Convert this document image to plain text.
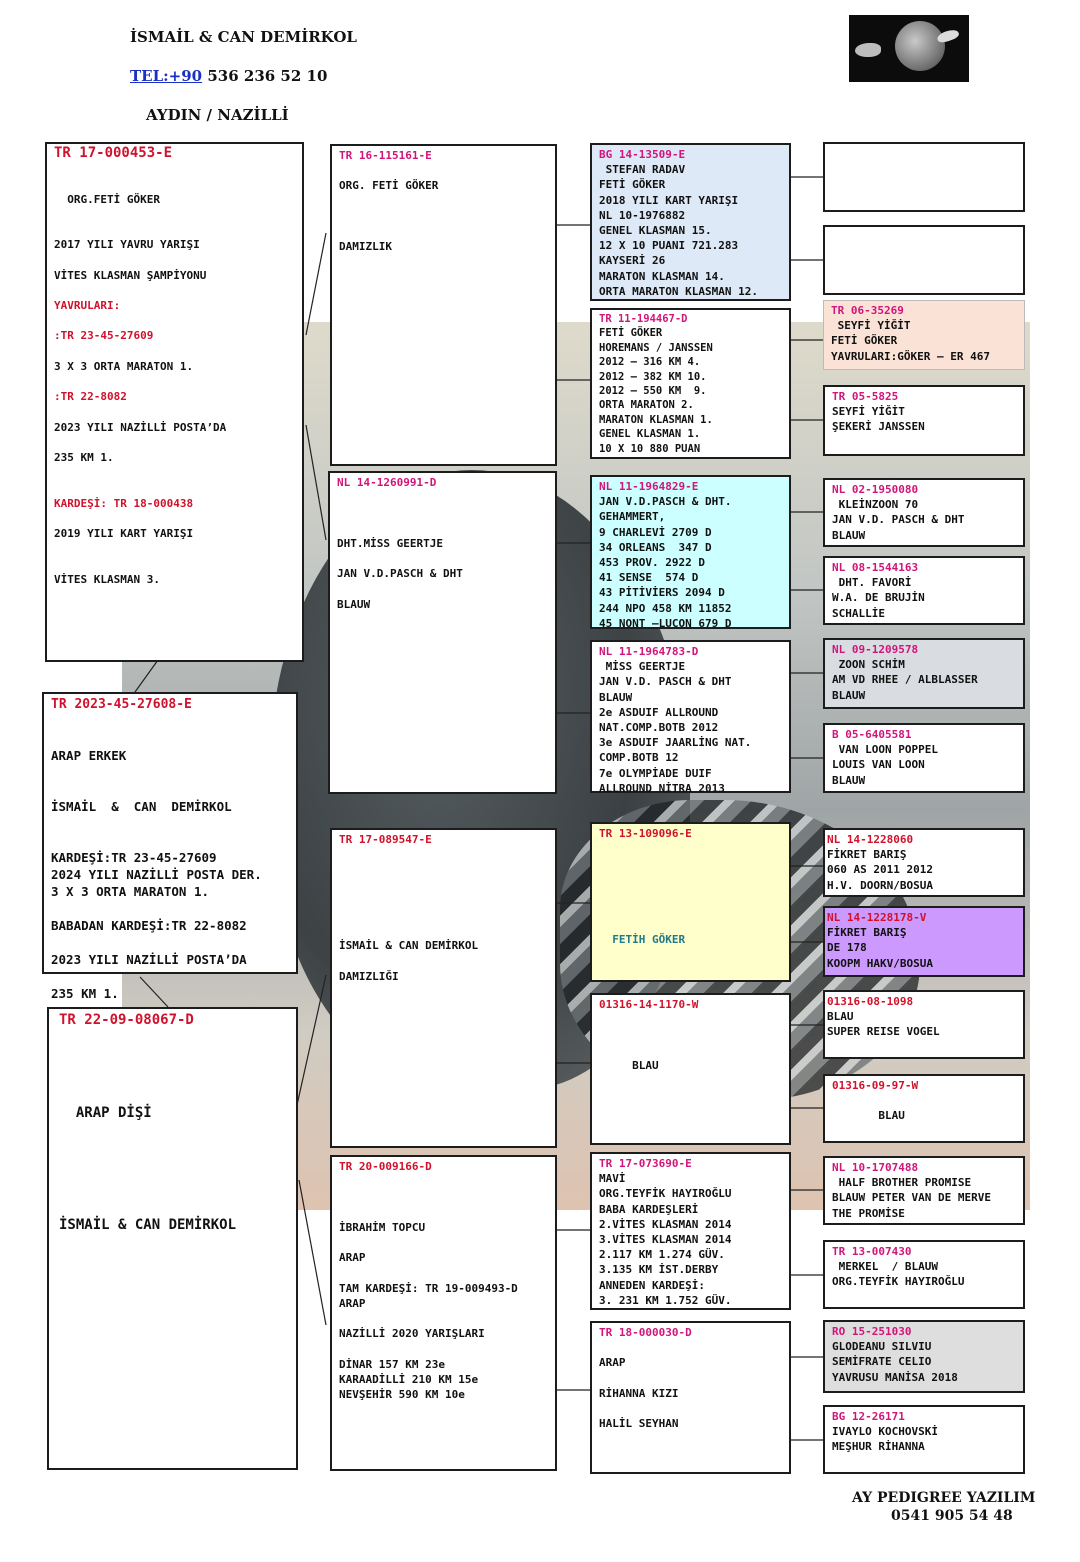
İSMAİL & CAN DEMİRKOL
TEL:+90 536 236 52 10
AYDIN / NAZİLLİ
TR 17-000453-E

ORG.FETİ GÖKER

2017 YILI YAVRU YARIŞI

VİTES KLASMAN ŞAMPİYONU

YAVRULARI:

:TR 23-45-27609

3 X 3 ORTA MARATON 1.

:TR 22-8082

2023 YILI NAZİLLİ POSTA’DA

235 KM 1.

KARDEŞİ: TR 18-000438

2019 YILI KART YARIŞI

VİTES KLASMAN 3.
TR 2023-45-27608-E

ARAP ERKEK

İSMAİL  &  CAN  DEMİRKOL

KARDEŞİ:TR 23-45-27609
2024 YILI NAZİLLİ POSTA DER.
3 X 3 ORTA MARATON 1.

BABADAN KARDEŞİ:TR 22-8082

2023 YILI NAZİLLİ POSTA’DA

235 KM 1.
TR 22-09-08067-D

ARAP DİŞİ

İSMAİL & CAN DEMİRKOL
TR 16-115161-E

ORG. FETİ GÖKER

DAMIZLIK
NL 14-1260991-D

DHT.MİSS GEERTJE

JAN V.D.PASCH & DHT

BLAUW
TR 17-089547-E

İSMAİL & CAN DEMİRKOL

DAMIZLIĞI
TR 20-009166-D

İBRAHİM TOPCU

ARAP

TAM KARDEŞİ: TR 19-009493-D
ARAP

NAZİLLİ 2020 YARIŞLARI

DİNAR 157 KM 23e
KARAADİLLİ 210 KM 15e
NEVŞEHİR 590 KM 10e
BG 14-13509-E
STEFAN RADAV
FETİ GÖKER
2018 YILI KART YARIŞI
NL 10-1976882
GENEL KLASMAN 15.
12 X 10 PUANI 721.283
KAYSERİ 26
MARATON KLASMAN 14.
ORTA MARATON KLASMAN 12.
TR 11-194467-D
FETİ GÖKER
HOREMANS / JANSSEN
2012 – 316 KM 4.
2012 – 382 KM 10.
2012 – 550 KM  9.
ORTA MARATON 2.
MARATON KLASMAN 1.
GENEL KLASMAN 1.
10 X 10 880 PUAN
NL 11-1964829-E
JAN V.D.PASCH & DHT.
GEHAMMERT,
9 CHARLEVİ 2709 D
34 ORLEANS  347 D
453 PROV. 2922 D
41 SENSE  574 D
43 PİTİVİERS 2094 D
244 NPO 458 KM 11852
45 NONT –LUCON 679 D
NL 11-1964783-D
MİSS GEERTJE
JAN V.D. PASCH & DHT
BLAUW
2e ASDUIF ALLROUND
NAT.COMP.BOTB 2012
3e ASDUIF JAARLİNG NAT.
COMP.BOTB 12
7e OLYMPİADE DUIF
ALLROUND NİTRA 2013
TR 13-109096-E

FETİH GÖKER
01316-14-1170-W

BLAU
TR 17-073690-E
MAVİ
ORG.TEYFİK HAYIROĞLU
BABA KARDEŞLERİ
2.VİTES KLASMAN 2014
3.VİTES KLASMAN 2014
2.117 KM 1.274 GÜV.
3.135 KM İST.DERBY
ANNEDEN KARDEŞİ:
3. 231 KM 1.752 GÜV.
TR 18-000030-D

ARAP

RİHANNA KIZI

HALİL SEYHAN
TR 06-35269
SEYFİ YİĞİT
FETİ GÖKER
YAVRULARI:GÖKER – ER 467
TR 05-5825
SEYFİ YİĞİT
ŞEKERİ JANSSEN
NL 02-1950080
KLEİNZOON 70
JAN V.D. PASCH & DHT
BLAUW
NL 08-1544163
DHT. FAVORİ
W.A. DE BRUJİN
SCHALLİE
NL 09-1209578
ZOON SCHİM
AM VD RHEE / ALBLASSER
BLAUW
B 05-6405581
VAN LOON POPPEL
LOUIS VAN LOON
BLAUW
NL 14-1228060
FİKRET BARIŞ
060 AS 2011 2012
H.V. DOORN/BOSUA
NL 14-1228178-V
FİKRET BARIŞ
DE 178
KOOPM HAKV/BOSUA
01316-08-1098
BLAU
SUPER REISE VOGEL
01316-09-97-W

BLAU
NL 10-1707488
HALF BROTHER PROMISE
BLAUW PETER VAN DE MERVE
THE PROMİSE
TR 13-007430
MERKEL  / BLAUW
ORG.TEYFİK HAYIROĞLU
RO 15-251030
GLODEANU SILVIU
SEMİFRATE CELIO
YAVRUSU MANİSA 2018
BG 12-26171
IVAYLO KOCHOVSKİ
MEŞHUR RİHANNA
AY PEDIGREE YAZILIM
0541 905 54 48
